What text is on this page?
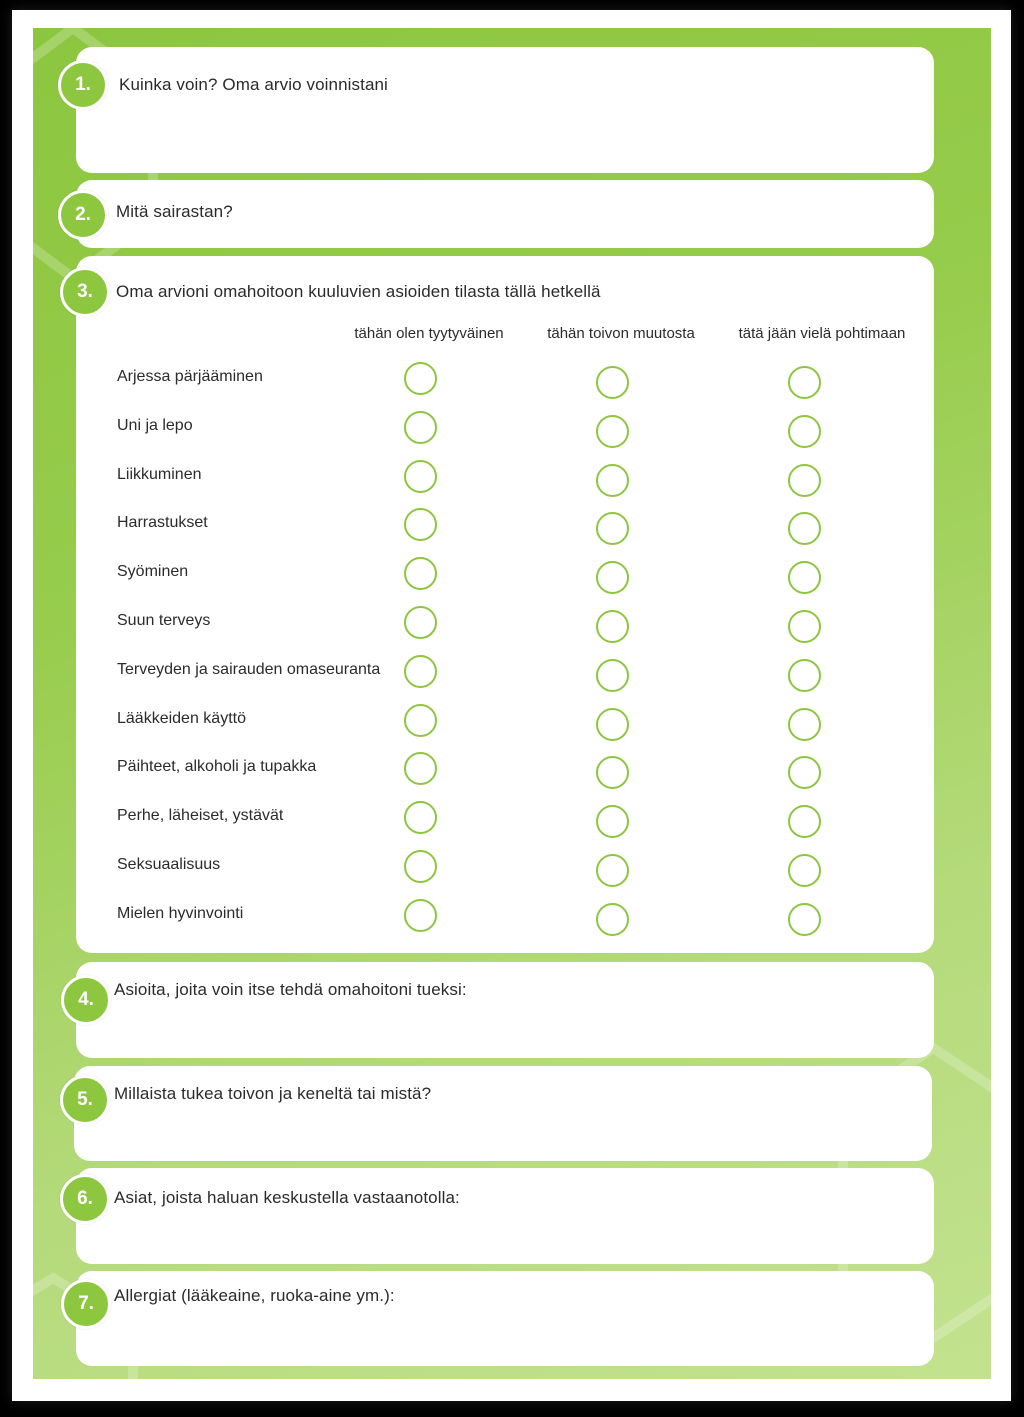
1.	Kuinka voin? Oma arvio voinnistani
2.	Mitä sairastan?
3.	Oma arvioni omahoitoon kuuluvien asioiden tilasta tällä hetkellä
tähän olen tyytyväinen	tähän toivon muutosta	tätä jään vielä pohtimaan
Arjessa pärjääminen
Uni ja lepo
Liikkuminen
Harrastukset
Syöminen
Suun terveys
Terveyden ja sairauden omaseuranta
Lääkkeiden käyttö
Päihteet, alkoholi ja tupakka
Perhe, läheiset, ystävät
Seksuaalisuus
Mielen hyvinvointi
4.	Asioita, joita voin itse tehdä omahoitoni tueksi:
5.	Millaista tukea toivon ja keneltä tai mistä?
6.	Asiat, joista haluan keskustella vastaanotolla:
7.	Allergiat (lääkeaine, ruoka-aine ym.):
